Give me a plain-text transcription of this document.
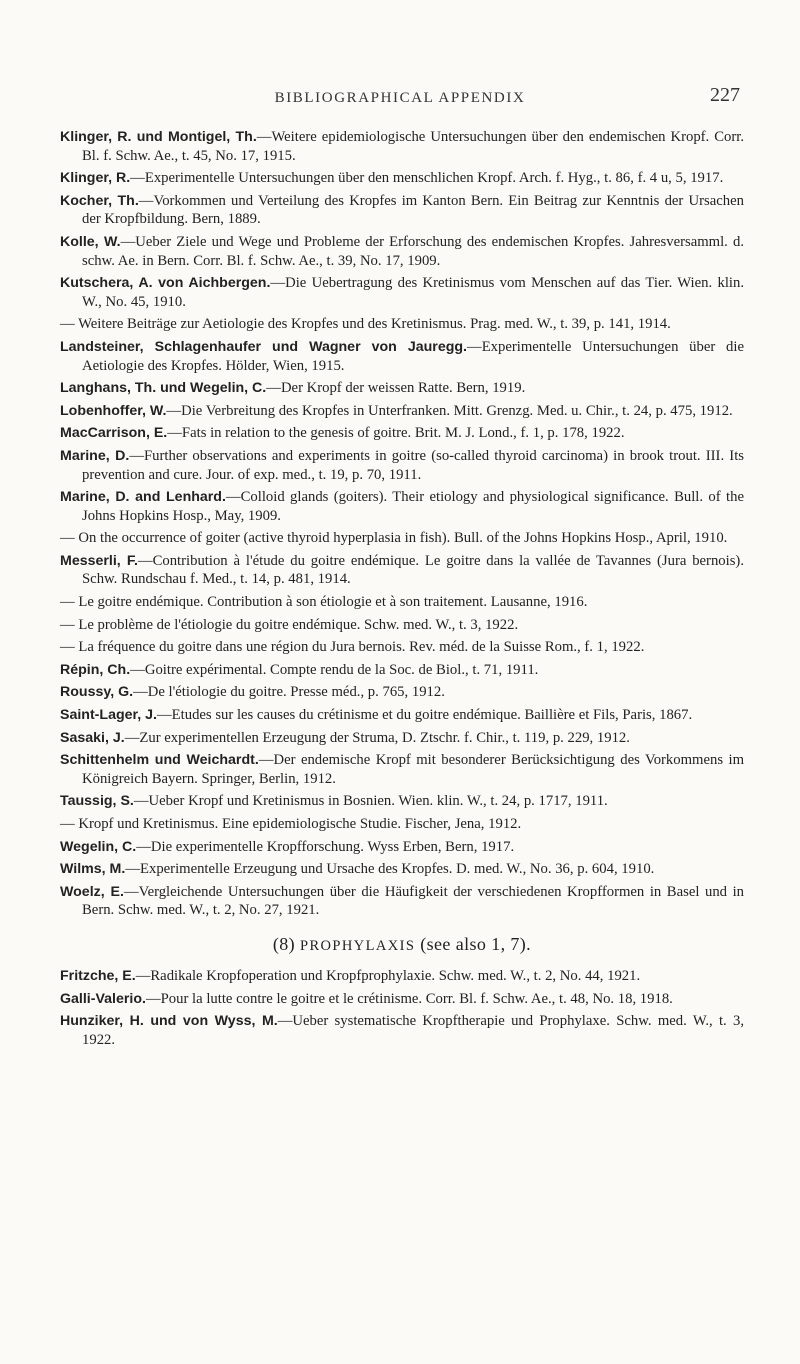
BIBLIOGRAPHICAL APPENDIX	227
Klinger, R. und Montigel, Th.—Weitere epidemiologische Untersuchungen über den endemischen Kropf. Corr. Bl. f. Schw. Ae., t. 45, No. 17, 1915.
Klinger, R.—Experimentelle Untersuchungen über den menschlichen Kropf. Arch. f. Hyg., t. 86, f. 4 u, 5, 1917.
Kocher, Th.—Vorkommen und Verteilung des Kropfes im Kanton Bern. Ein Beitrag zur Kenntnis der Ursachen der Kropfbildung. Bern, 1889.
Kolle, W.—Ueber Ziele und Wege und Probleme der Erforschung des endemischen Kropfes. Jahresversamml. d. schw. Ae. in Bern. Corr. Bl. f. Schw. Ae., t. 39, No. 17, 1909.
Kutschera, A. von Aichbergen.—Die Uebertragung des Kretinismus vom Menschen auf das Tier. Wien. klin. W., No. 45, 1910.
— Weitere Beiträge zur Aetiologie des Kropfes und des Kretinismus. Prag. med. W., t. 39, p. 141, 1914.
Landsteiner, Schlagenhaufer und Wagner von Jauregg.—Experimentelle Untersuchungen über die Aetiologie des Kropfes. Hölder, Wien, 1915.
Langhans, Th. und Wegelin, C.—Der Kropf der weissen Ratte. Bern, 1919.
Lobenhoffer, W.—Die Verbreitung des Kropfes in Unterfranken. Mitt. Grenzg. Med. u. Chir., t. 24, p. 475, 1912.
MacCarrison, E.—Fats in relation to the genesis of goitre. Brit. M. J. Lond., f. 1, p. 178, 1922.
Marine, D.—Further observations and experiments in goitre (so-called thyroid carcinoma) in brook trout. III. Its prevention and cure. Jour. of exp. med., t. 19, p. 70, 1911.
Marine, D. and Lenhard.—Colloid glands (goiters). Their etiology and physiological significance. Bull. of the Johns Hopkins Hosp., May, 1909.
— On the occurrence of goiter (active thyroid hyperplasia in fish). Bull. of the Johns Hopkins Hosp., April, 1910.
Messerli, F.—Contribution à l'étude du goitre endémique. Le goitre dans la vallée de Tavannes (Jura bernois). Schw. Rundschau f. Med., t. 14, p. 481, 1914.
— Le goitre endémique. Contribution à son étiologie et à son traitement. Lausanne, 1916.
— Le problème de l'étiologie du goitre endémique. Schw. med. W., t. 3, 1922.
— La fréquence du goitre dans une région du Jura bernois. Rev. méd. de la Suisse Rom., f. 1, 1922.
Répin, Ch.—Goitre expérimental. Compte rendu de la Soc. de Biol., t. 71, 1911.
Roussy, G.—De l'étiologie du goitre. Presse méd., p. 765, 1912.
Saint-Lager, J.—Etudes sur les causes du crétinisme et du goitre endémique. Baillière et Fils, Paris, 1867.
Sasaki, J.—Zur experimentellen Erzeugung der Struma, D. Ztschr. f. Chir., t. 119, p. 229, 1912.
Schittenhelm und Weichardt.—Der endemische Kropf mit besonderer Berücksichtigung des Vorkommens im Königreich Bayern. Springer, Berlin, 1912.
Taussig, S.—Ueber Kropf und Kretinismus in Bosnien. Wien. klin. W., t. 24, p. 1717, 1911.
— Kropf und Kretinismus. Eine epidemiologische Studie. Fischer, Jena, 1912.
Wegelin, C.—Die experimentelle Kropfforschung. Wyss Erben, Bern, 1917.
Wilms, M.—Experimentelle Erzeugung und Ursache des Kropfes. D. med. W., No. 36, p. 604, 1910.
Woelz, E.—Vergleichende Untersuchungen über die Häufigkeit der verschiedenen Kropfformen in Basel und in Bern. Schw. med. W., t. 2, No. 27, 1921.
(8) PROPHYLAXIS (see also 1, 7).
Fritzche, E.—Radikale Kropfoperation und Kropfprophylaxie. Schw. med. W., t. 2, No. 44, 1921.
Galli-Valerio.—Pour la lutte contre le goitre et le crétinisme. Corr. Bl. f. Schw. Ae., t. 48, No. 18, 1918.
Hunziker, H. und von Wyss, M.—Ueber systematische Kropftherapie und Prophylaxe. Schw. med. W., t. 3, 1922.
